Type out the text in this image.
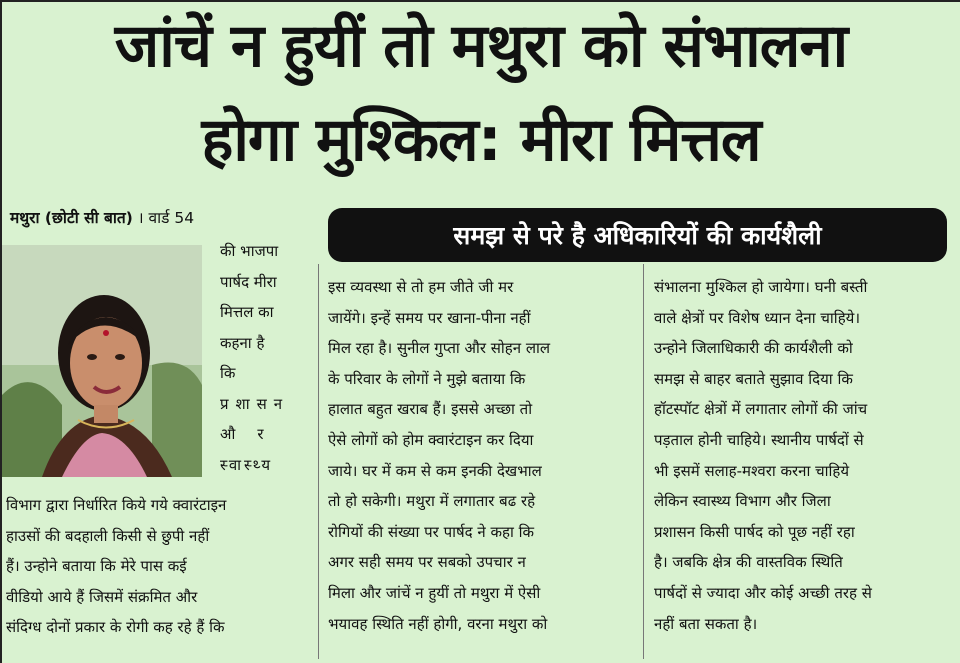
जांचें न हुयीं तो मथुरा को संभालना
होगा मुश्किल: मीरा मित्तल
मथुरा (छोटी सी बात) । वार्ड 54
समझ से परे है अधिकारियों की कार्यशैली
की भाजपा
पार्षद मीरा
मित्तल का
कहना है
कि
प्रशासन
और
स्वास्थ्य
विभाग द्वारा निर्धारित किये गये क्वारंटाइन
हाउसों की बदहाली किसी से छुपी नहीं
हैं। उन्होने बताया कि मेरे पास कई
वीडियो आये हैं जिसमें संक्रमित और
संदिग्ध दोनों प्रकार के रोगी कह रहे हैं कि
इस व्यवस्था से तो हम जीते जी मर
जायेंगे। इन्हें समय पर खाना-पीना नहीं
मिल रहा है। सुनील गुप्ता और सोहन लाल
के परिवार के लोगों ने मुझे बताया कि
हालात बहुत खराब हैं। इससे अच्छा तो
ऐसे लोगों को होम क्वारंटाइन कर दिया
जाये। घर में कम से कम इनकी देखभाल
तो हो सकेगी। मथुरा में लगातार बढ रहे
रोगियों की संख्या पर पार्षद ने कहा कि
अगर सही समय पर सबको उपचार न
मिला और जांचें न हुयीं तो मथुरा में ऐसी
भयावह स्थिति नहीं होगी, वरना मथुरा को
संभालना मुश्किल हो जायेगा। घनी बस्ती
वाले क्षेत्रों पर विशेष ध्यान देना चाहिये।
उन्होने जिलाधिकारी की कार्यशैली को
समझ से बाहर बताते सुझाव दिया कि
हॉटस्पॉट क्षेत्रों में लगातार लोगों की जांच
पड़ताल होनी चाहिये। स्थानीय पार्षदों से
भी इसमें सलाह-मश्वरा करना चाहिये
लेकिन स्वास्थ्य विभाग और जिला
प्रशासन किसी पार्षद को पूछ नहीं रहा
है। जबकि क्षेत्र की वास्तविक स्थिति
पार्षदों से ज्यादा और कोई अच्छी तरह से
नहीं बता सकता है।
